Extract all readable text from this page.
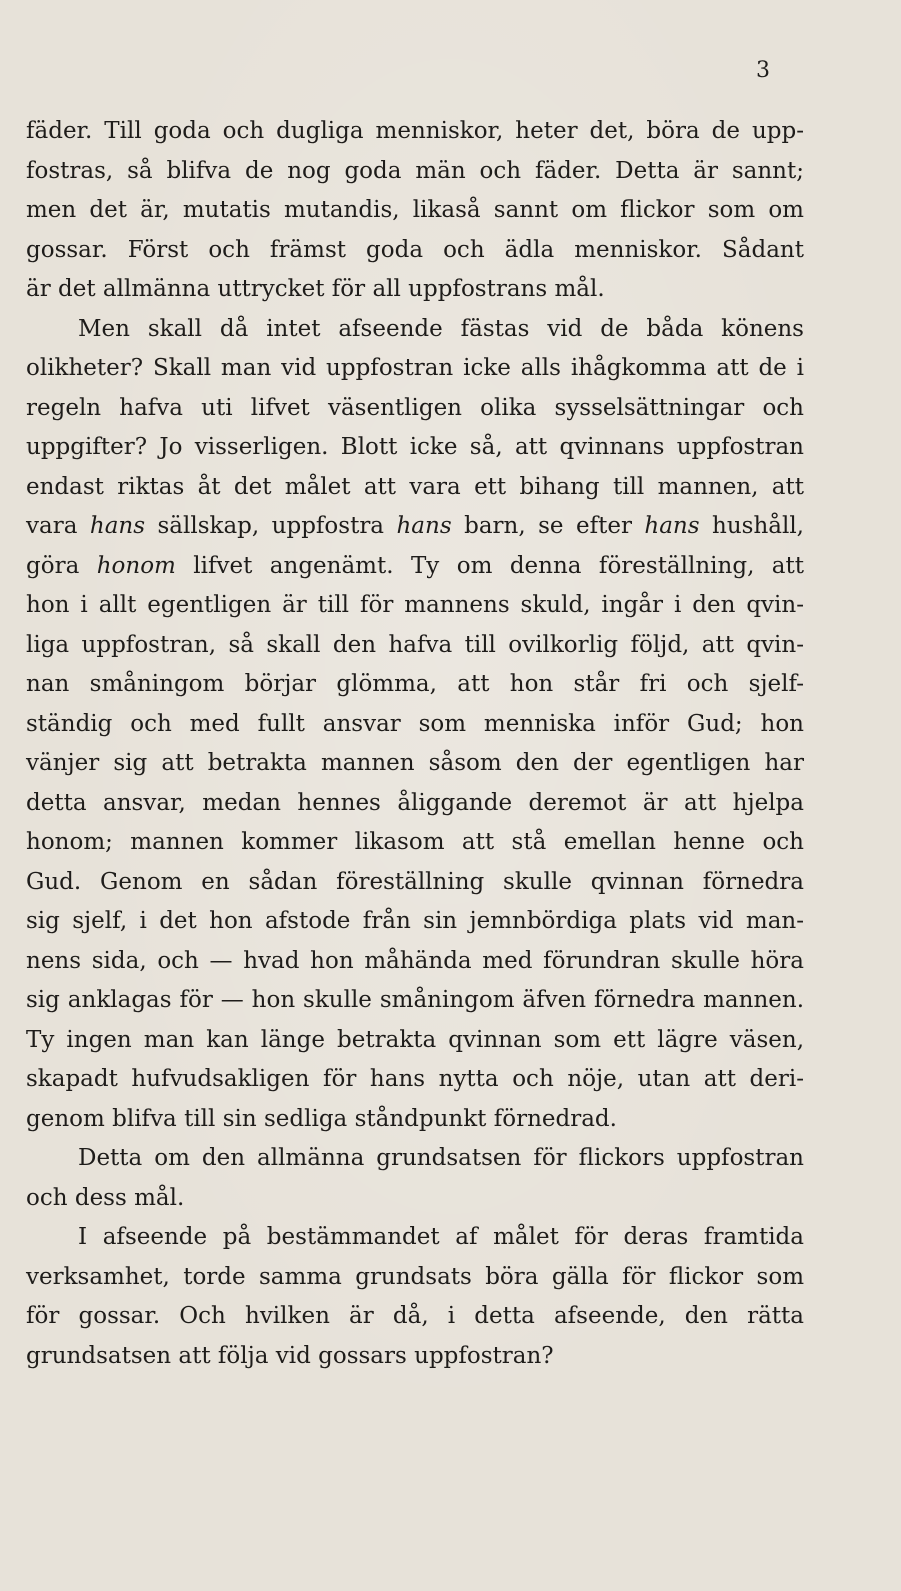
3
fäder. Till goda och dugliga menniskor, heter det, böra de upp-
fostras, så blifva de nog goda män och fäder. Detta är sannt;
men det är, mutatis mutandis, likaså sannt om flickor som om
gossar. Först och främst goda och ädla menniskor. Sådant
är det allmänna uttrycket för all uppfostrans mål.
Men skall då intet afseende fästas vid de båda könens
olikheter? Skall man vid uppfostran icke alls ihågkomma att de i
regeln hafva uti lifvet väsentligen olika sysselsättningar och
uppgifter? Jo visserligen. Blott icke så, att qvinnans uppfostran
endast riktas åt det målet att vara ett bihang till mannen, att
vara hans sällskap, uppfostra hans barn, se efter hans hushåll,
göra honom lifvet angenämt. Ty om denna föreställning, att
hon i allt egentligen är till för mannens skuld, ingår i den qvin-
liga uppfostran, så skall den hafva till ovilkorlig följd, att qvin-
nan småningom börjar glömma, att hon står fri och sjelf-
ständig och med fullt ansvar som menniska inför Gud; hon
vänjer sig att betrakta mannen såsom den der egentligen har
detta ansvar, medan hennes åliggande deremot är att hjelpa
honom; mannen kommer likasom att stå emellan henne och
Gud. Genom en sådan föreställning skulle qvinnan förnedra
sig sjelf, i det hon afstode från sin jemnbördiga plats vid man-
nens sida, och — hvad hon måhända med förundran skulle höra
sig anklagas för — hon skulle småningom äfven förnedra mannen.
Ty ingen man kan länge betrakta qvinnan som ett lägre väsen,
skapadt hufvudsakligen för hans nytta och nöje, utan att deri-
genom blifva till sin sedliga ståndpunkt förnedrad.
Detta om den allmänna grundsatsen för flickors uppfostran
och dess mål.
I afseende på bestämmandet af målet för deras framtida
verksamhet, torde samma grundsats böra gälla för flickor som
för gossar. Och hvilken är då, i detta afseende, den rätta
grundsatsen att följa vid gossars uppfostran?
